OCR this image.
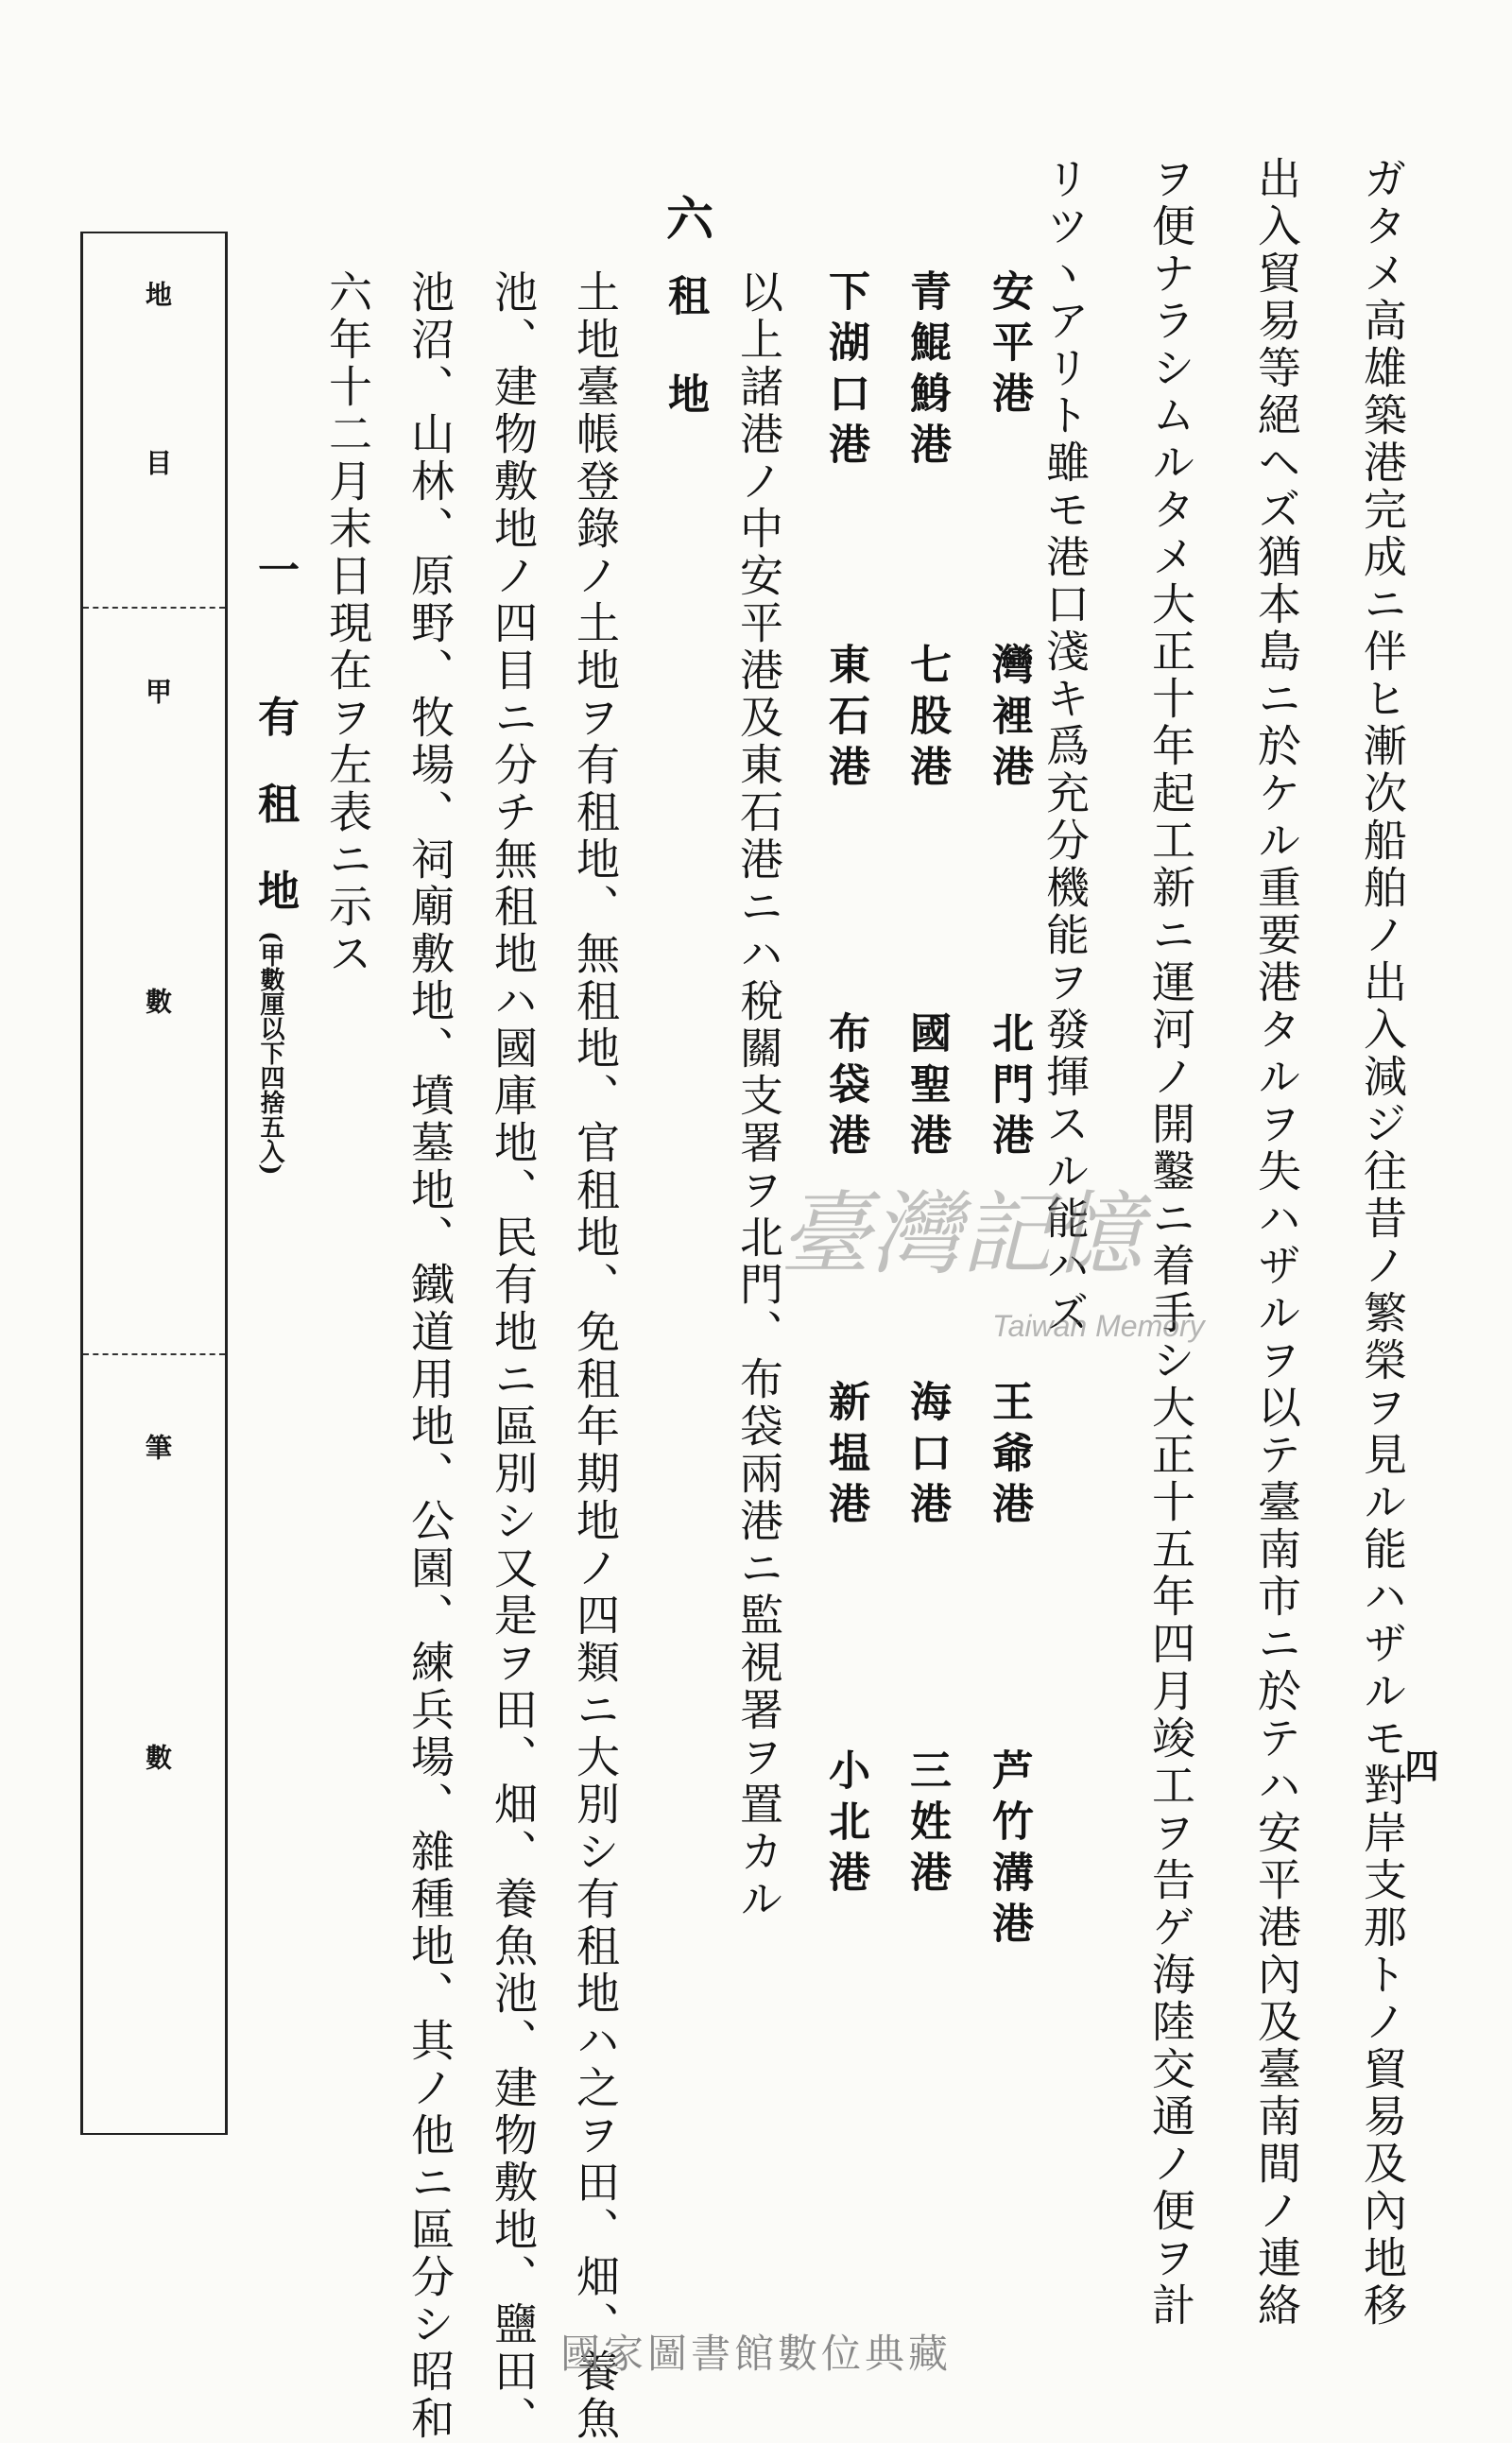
四
ガタメ高雄築港完成ニ伴ヒ漸次船舶ノ出入減ジ往昔ノ繁榮ヲ見ル能ハザルモ對岸支那トノ貿易及內地移
出入貿易等絕ヘズ猶本島ニ於ケル重要港タルヲ失ハザルヲ以テ臺南市ニ於テハ安平港內及臺南間ノ連絡
ヲ便ナラシムルタメ大正十年起工新ニ運河ノ開鑿ニ着手シ大正十五年四月竣工ヲ告ゲ海陸交通ノ便ヲ計
リツヽアリト雖モ港口淺キ爲充分機能ヲ發揮スル能ハズ
安平港
灣裡港
北門港
王爺港
芦竹溝港
青鯤鯓港
七股港
國聖港
海口港
三姓港
下湖口港
東石港
布袋港
新塭港
小北港
以上諸港ノ中安平港及東石港ニハ稅關支署ヲ北門、布袋兩港ニ監視署ヲ置カル
六
租地
土地臺帳登錄ノ土地ヲ有租地、無租地、官租地、免租年期地ノ四類ニ大別シ有租地ハ之ヲ田、畑、養魚
池、建物敷地ノ四目ニ分チ無租地ハ國庫地、民有地ニ區別シ又是ヲ田、畑、養魚池、建物敷地、鹽田、
池沼、山林、原野、牧場、祠廟敷地、墳墓地、鐵道用地、公園、練兵場、雜種地、其ノ他ニ區分シ昭和
六年十二月末日現在ヲ左表ニ示ス
一 有租地
(甲數厘以下四捨五入)
地目
甲數
筆數
臺灣記憶
Taiwan Memory
國家圖書館數位典藏
